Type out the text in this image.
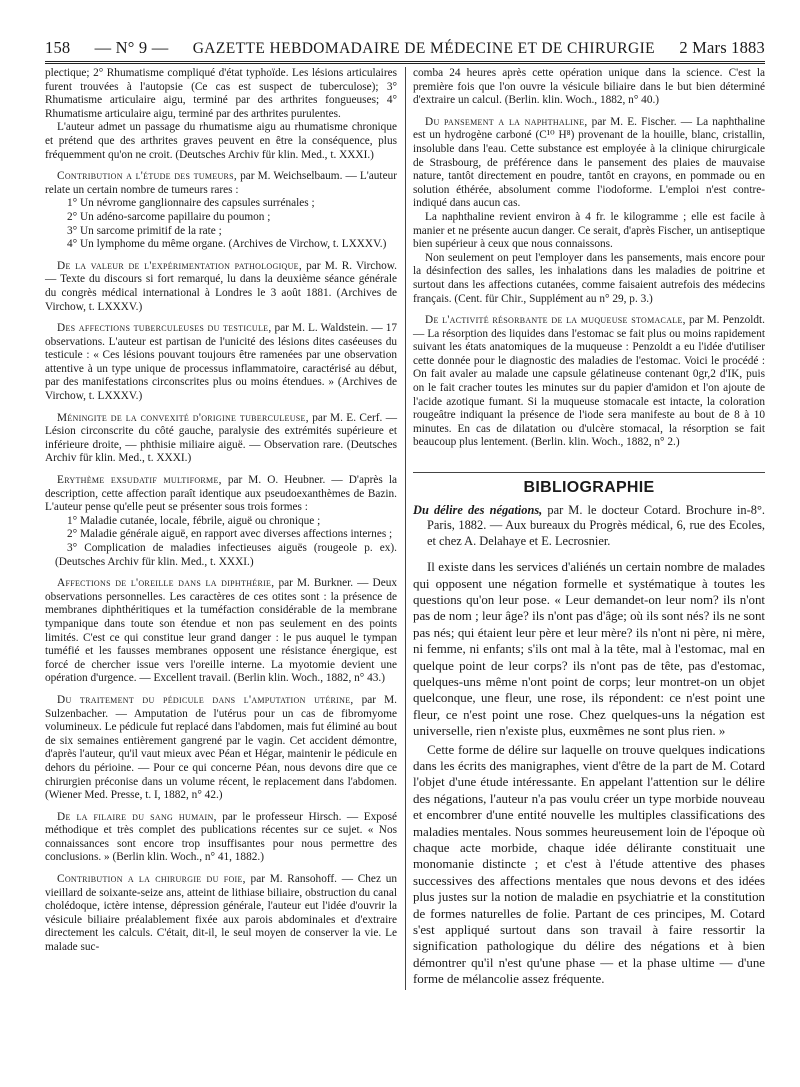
158 — N° 9 — GAZETTE HEBDOMADAIRE DE MÉDECINE ET DE CHIRURGIE 2 Mars 1883

plectique; 2° Rhumatisme compliqué d'état typhoïde. Les lésions articulaires furent trouvées à l'autopsie (Ce cas est suspect de tuberculose); 3° Rhumatisme articulaire aigu, terminé par des arthrites fongueuses; 4° Rhumatisme articulaire aigu, terminé par des arthrites purulentes.

L'auteur admet un passage du rhumatisme aigu au rhumatisme chronique et prétend que des arthrites graves peuvent en être la conséquence, plus fréquemment qu'on ne croit. (Deutsches Archiv für klin. Med., t. XXXI.)

Contribution a l'étude des tumeurs, par M. Weichselbaum. — L'auteur relate un certain nombre de tumeurs rares :

1° Un névrome ganglionnaire des capsules surrénales ;

2° Un adéno-sarcome papillaire du poumon ;

3° Un sarcome primitif de la rate ;

4° Un lymphome du même organe. (Archives de Virchow, t. LXXXV.)

De la valeur de l'expérimentation pathologique, par M. R. Virchow. — Texte du discours si fort remarqué, lu dans la deuxième séance générale du congrès médical international à Londres le 3 août 1881. (Archives de Virchow, t. LXXXV.)

Des affections tuberculeuses du testicule, par M. L. Waldstein. — 17 observations. L'auteur est partisan de l'unicité des lésions dites caséeuses du testicule : « Ces lésions pouvant toujours être ramenées par une observation attentive à un type unique de processus inflammatoire, caractérisé au début, par des manifestations circonscrites plus ou moins étendues. » (Archives de Virchow, t. LXXXV.)

Méningite de la convexité d'origine tuberculeuse, par M. E. Cerf. — Lésion circonscrite du côté gauche, paralysie des extrémités supérieure et inférieure droite, — phthisie miliaire aiguë. — Observation rare. (Deutsches Archiv für klin. Med., t. XXXI.)

Erythème exsudatif multiforme, par M. O. Heubner. — D'après la description, cette affection paraît identique aux pseudoexanthèmes de Bazin. L'auteur pense qu'elle peut se présenter sous trois formes :

1° Maladie cutanée, locale, fébrile, aiguë ou chronique ;

2° Maladie générale aiguë, en rapport avec diverses affections internes ;

3° Complication de maladies infectieuses aiguës (rougeole p. ex). (Deutsches Archiv für klin. Med., t. XXXI.)

Affections de l'oreille dans la diphthérie, par M. Burkner. — Deux observations personnelles. Les caractères de ces otites sont : la présence de membranes diphthéritiques et la tuméfaction considérable de la membrane tympanique dans toute son étendue et non pas seulement en des points limités. C'est ce qui constitue leur grand danger : le pus auquel le tympan tuméfié et les fausses membranes opposent une résistance énergique, est forcé de chercher issue vers l'oreille interne. La myotomie devient une opération d'urgence. — Excellent travail. (Berlin klin. Woch., 1882, n° 43.)

Du traitement du pédicule dans l'amputation utérine, par M. Sulzenbacher. — Amputation de l'utérus pour un cas de fibromyome volumineux. Le pédicule fut replacé dans l'abdomen, mais fut éliminé au bout de six semaines entièrement gangrené par le vagin. Cet accident démontre, d'après l'auteur, qu'il vaut mieux avec Péan et Hégar, maintenir le pédicule en dehors du périoine. — Pour ce qui concerne Péan, nous devons dire que ce chirurgien préconise dans un volume récent, le replacement dans l'abdomen. (Wiener Med. Presse, t. I, 1882, n° 42.)

De la filaire du sang humain, par le professeur Hirsch. — Exposé méthodique et très complet des publications récentes sur ce sujet. « Nos connaissances sont encore trop insuffisantes pour nous permettre des conclusions. » (Berlin klin. Woch., n° 41, 1882.)

Contribution a la chirurgie du foie, par M. Ransohoff. — Chez un vieillard de soixante-seize ans, atteint de lithiase biliaire, obstruction du canal cholédoque, ictère intense, dépression générale, l'auteur eut l'idée d'ouvrir la vésicule biliaire préalablement fixée aux parois abdominales et d'extraire directement les calculs. C'était, dit-il, le seul moyen de conserver la vie. Le malade suc-

comba 24 heures après cette opération unique dans la science. C'est la première fois que l'on ouvre la vésicule biliaire dans le but bien déterminé d'extraire un calcul. (Berlin. klin. Woch., 1882, n° 40.)

Du pansement a la naphthaline, par M. E. Fischer. — La naphthaline est un hydrogène carboné (C¹⁰ H⁸) provenant de la houille, blanc, cristallin, insoluble dans l'eau. Cette substance est employée à la clinique chirurgicale de Strasbourg, de préférence dans le pansement des plaies de mauvaise nature, tantôt directement en poudre, tantôt en crayons, en pommade ou en solution éthérée, absolument comme l'iodoforme. L'emploi n'est contre-indiqué dans aucun cas.

La naphthaline revient environ à 4 fr. le kilogramme ; elle est facile à manier et ne présente aucun danger. Ce serait, d'après Fischer, un antiseptique bien supérieur à ceux que nous connaissons.

Non seulement on peut l'employer dans les pansements, mais encore pour la désinfection des salles, les inhalations dans les maladies de poitrine et surtout dans les affections cutanées, comme faisaient autrefois des médecins français. (Cent. für Chir., Supplément au n° 29, p. 3.)

De l'activité résorbante de la muqueuse stomacale, par M. Penzoldt. — La résorption des liquides dans l'estomac se fait plus ou moins rapidement suivant les états anatomiques de la muqueuse : Penzoldt a eu l'idée d'utiliser cette donnée pour le diagnostic des maladies de l'estomac. Voici le procédé : On fait avaler au malade une capsule gélatineuse contenant 0gr,2 d'IK, puis on le fait cracher toutes les minutes sur du papier d'amidon et l'on ajoute de l'acide azotique fumant. Si la muqueuse stomacale est intacte, la coloration rougeâtre indiquant la présence de l'iode sera manifeste au bout de 8 à 10 minutes. En cas de dilatation ou d'ulcère stomacal, la résorption se fait beaucoup plus lentement. (Berlin. klin. Woch., 1882, n° 2.)

BIBLIOGRAPHIE
Du délire des négations, par M. le docteur Cotard. Brochure in-8°. Paris, 1882. — Aux bureaux du Progrès médical, 6, rue des Ecoles, et chez A. Delahaye et E. Lecrosnier.

Il existe dans les services d'aliénés un certain nombre de malades qui opposent une négation formelle et systématique à toutes les questions qu'on leur pose. « Leur demandet-on leur nom? ils n'ont pas de nom ; leur âge? ils n'ont pas d'âge; où ils sont nés? ils ne sont pas nés; qui étaient leur père et leur mère? ils n'ont ni père, ni mère, ni femme, ni enfants; s'ils ont mal à la tête, mal à l'estomac, mal en quelque point de leur corps? ils n'ont pas de tête, pas d'estomac, quelques-uns même n'ont point de corps; leur montret-on un objet quelconque, une fleur, une rose, ils répondent: ce n'est point une fleur, ce n'est point une rose. Chez quelques-uns la négation est universelle, rien n'existe plus, euxmêmes ne sont plus rien. »

Cette forme de délire sur laquelle on trouve quelques indications dans les écrits des manigraphes, vient d'être de la part de M. Cotard l'objet d'une étude intéressante. En appelant l'attention sur le délire des négations, l'auteur n'a pas voulu créer un type morbide nouveau et encombrer d'une entité nouvelle les multiples classifications des maladies mentales. Nous sommes heureusement loin de l'époque où chaque acte morbide, chaque idée délirante constituait une monomanie distincte ; et c'est à l'étude attentive des phases successives des affections mentales que nous devons et des idées plus justes sur la notion de maladie en psychiatrie et la constitution de formes naturelles de folie. Partant de ces principes, M. Cotard s'est appliqué surtout dans son travail à faire ressortir la signification pathologique du délire des négations et à bien démontrer qu'il n'est qu'une phase — et la phase ultime — d'une forme de mélancolie assez fréquente.
